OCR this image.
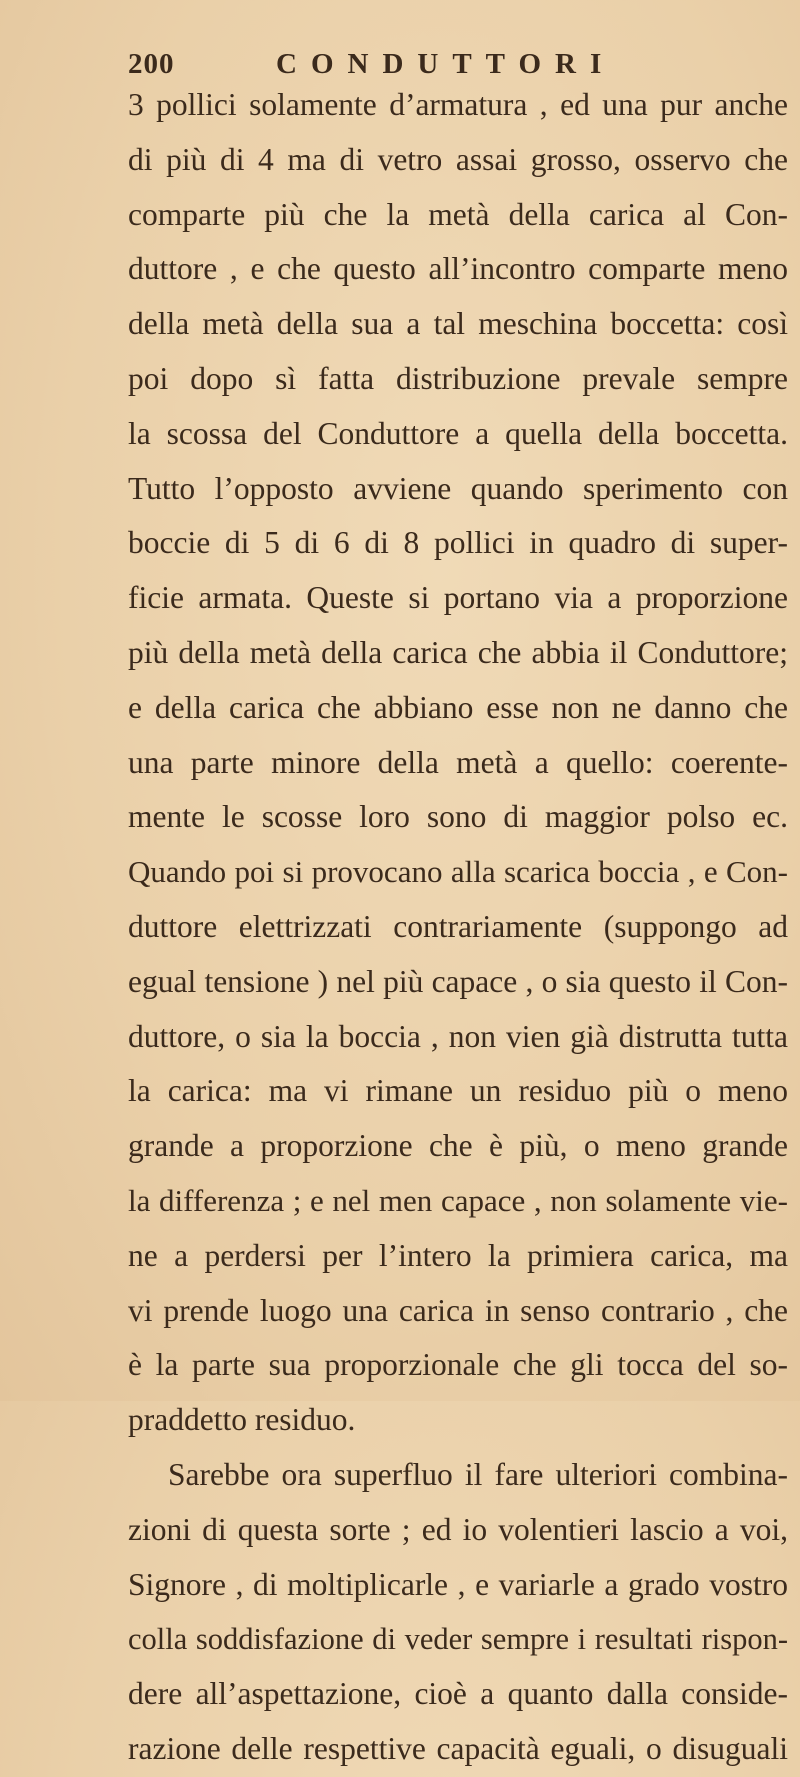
200	CONDUTTORI
3 pollici solamente d’armatura , ed una pur anche
di più di 4 ma di vetro assai grosso, osservo che
comparte più che la metà della carica al Con-
duttore , e che questo all’incontro comparte meno
della metà della sua a tal meschina boccetta: così
poi dopo sì fatta distribuzione prevale sempre
la scossa del Conduttore a quella della boccetta.
Tutto l’opposto avviene quando sperimento con
boccie di 5 di 6 di 8 pollici in quadro di super-
ficie armata. Queste si portano via a proporzione
più della metà della carica che abbia il Conduttore;
e della carica che abbiano esse non ne danno che
una parte minore della metà a quello: coerente-
mente le scosse loro sono di maggior polso ec.
Quando poi si provocano alla scarica boccia , e Con-
duttore elettrizzati contrariamente (suppongo ad
egual tensione ) nel più capace , o sia questo il Con-
duttore, o sia la boccia , non vien già distrutta tutta
la carica: ma vi rimane un residuo più o meno
grande a proporzione che è più, o meno grande
la differenza ; e nel men capace , non solamente vie-
ne a perdersi per l’intero la primiera carica, ma
vi prende luogo una carica in senso contrario , che
è la parte sua proporzionale che gli tocca del so-
praddetto residuo.
Sarebbe ora superfluo il fare ulteriori combina-
zioni di questa sorte ; ed io volentieri lascio a voi,
Signore , di moltiplicarle , e variarle a grado vostro
colla soddisfazione di veder sempre i resultati rispon-
dere all’aspettazione, cioè a quanto dalla conside-
razione delle respettive capacità eguali, o disuguali
